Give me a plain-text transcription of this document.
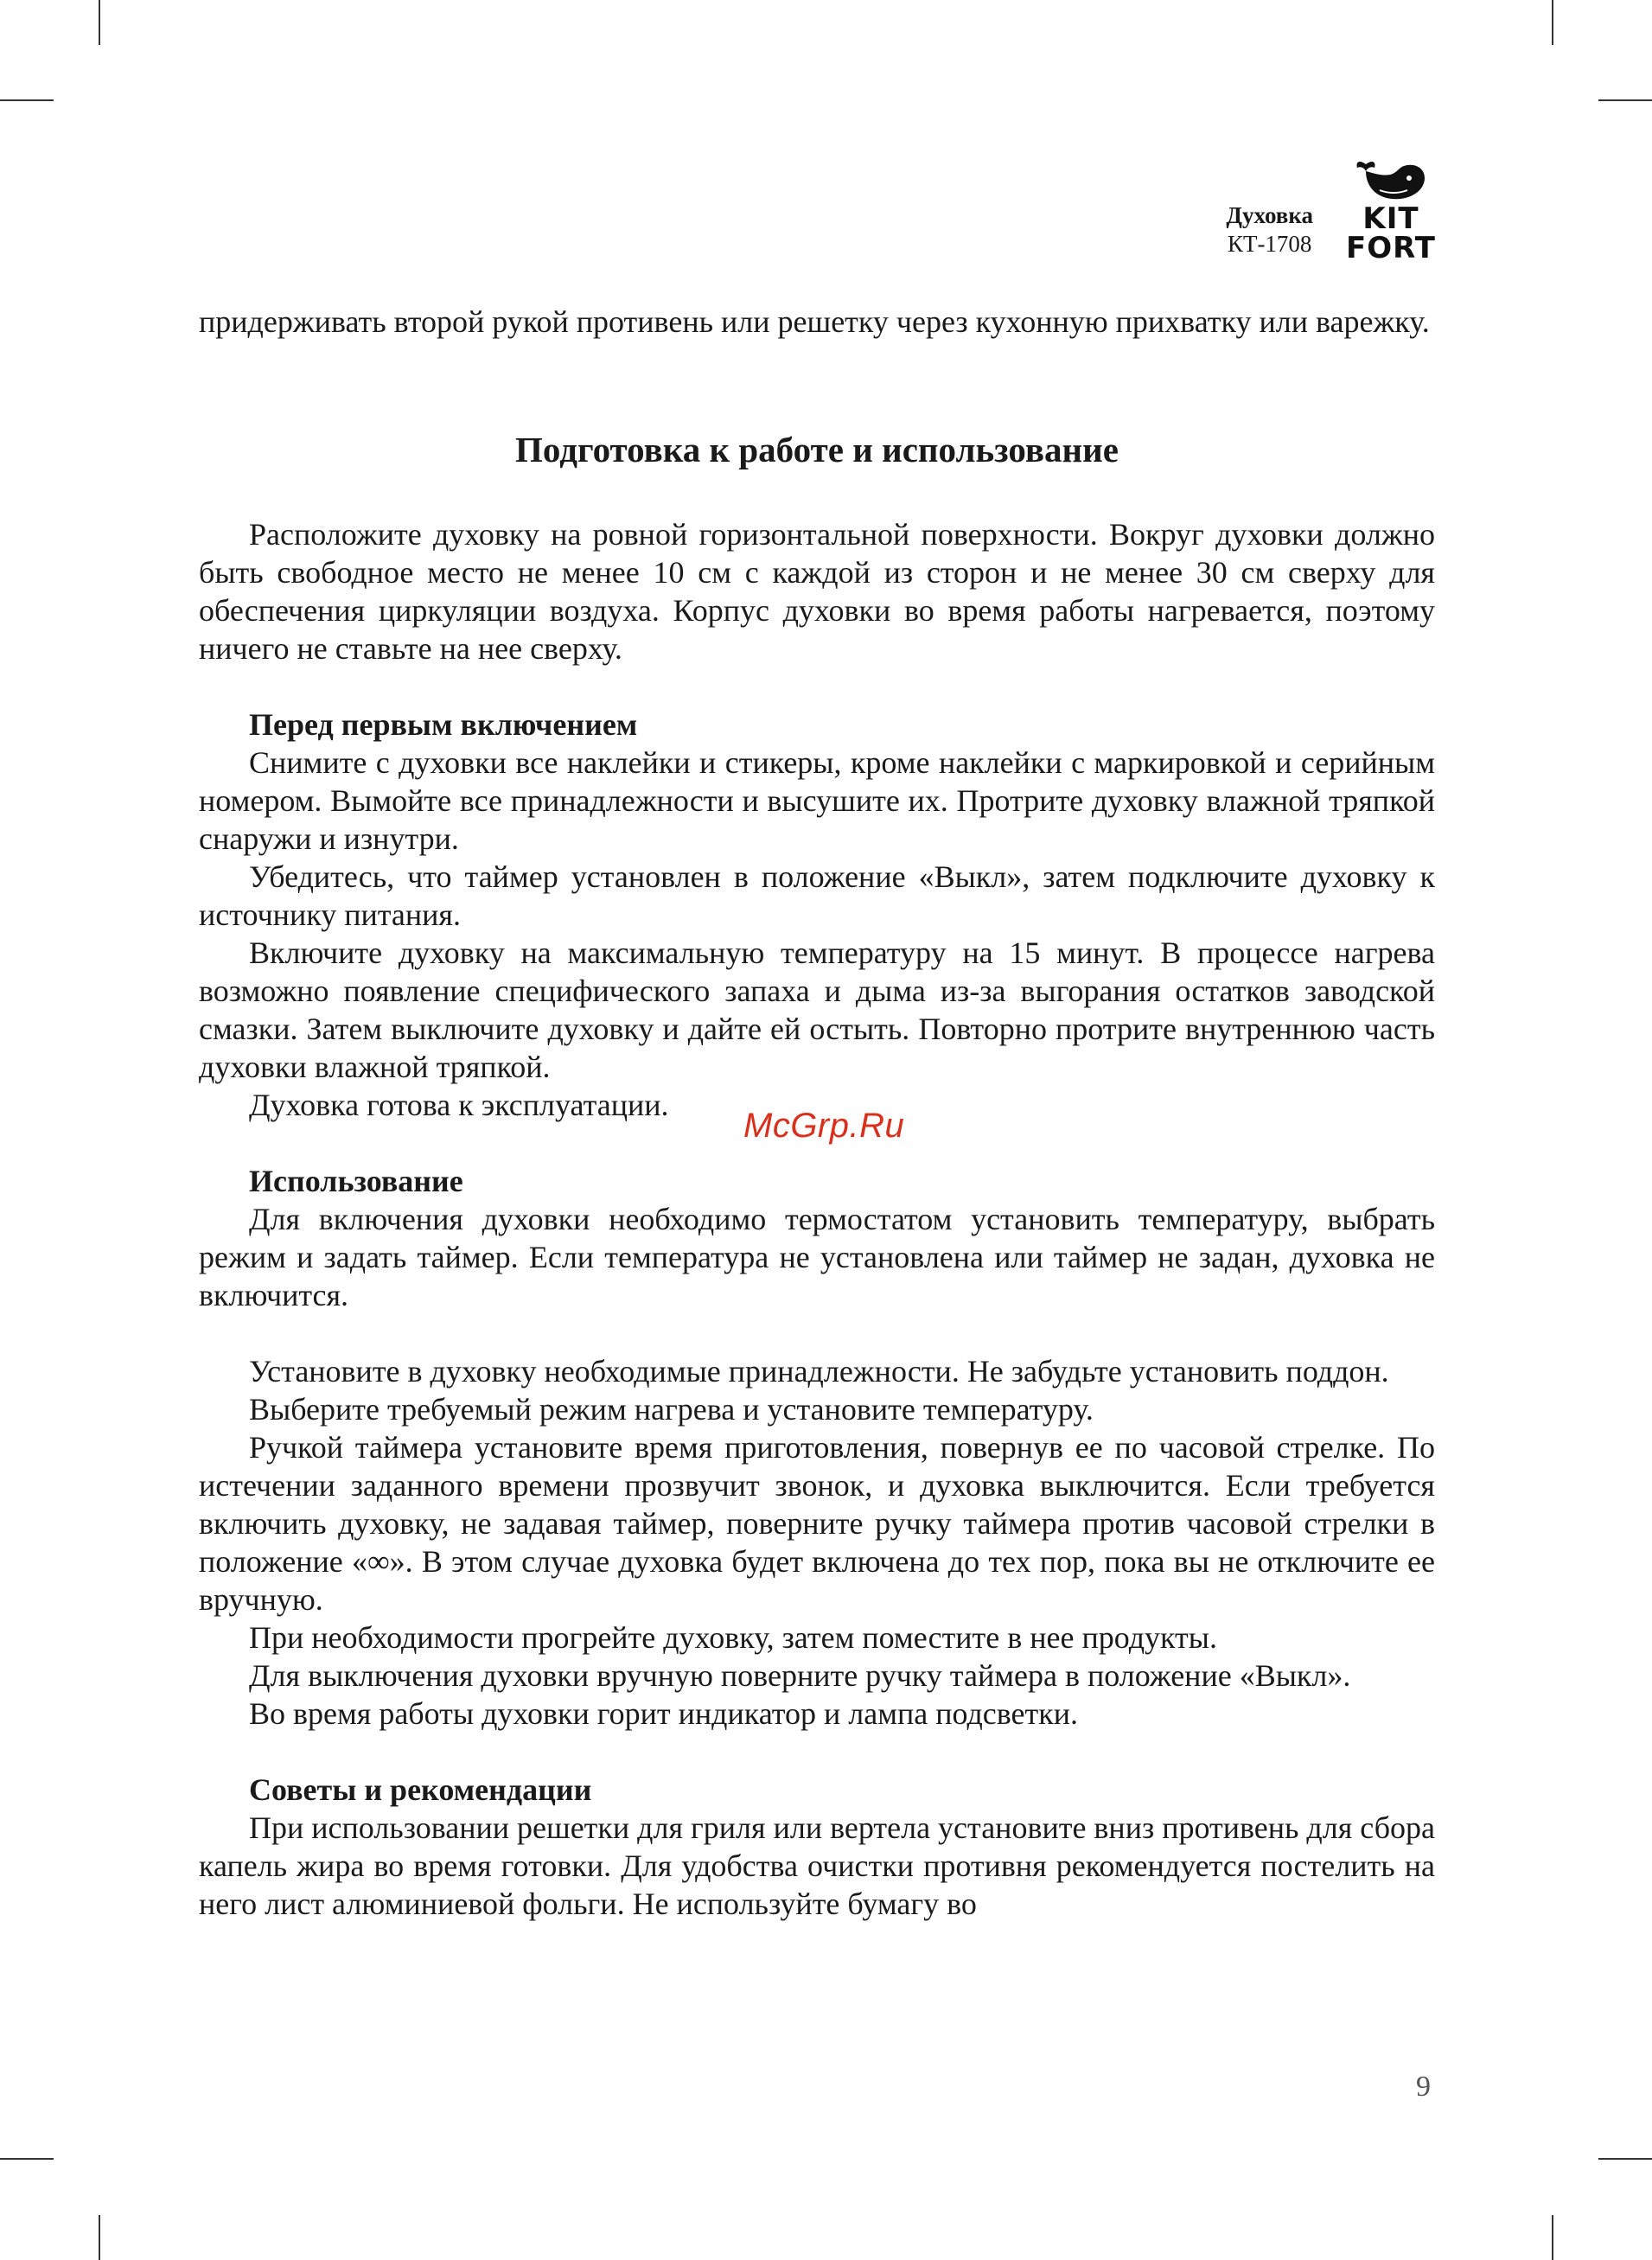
Духовка
КТ-1708
KIT
FORT

придерживать второй рукой противень или решетку через кухонную прихватку или варежку.

Подготовка к работе и использование

Расположите духовку на ровной горизонтальной поверхности. Вокруг духовки должно быть свободное место не менее 10 см с каждой из сторон и не менее 30 см сверху для обеспечения циркуляции воздуха. Корпус духовки во время работы нагревается, поэтому ничего не ставьте на нее сверху.

Перед первым включением

Снимите с духовки все наклейки и стикеры, кроме наклейки с маркировкой и серийным номером. Вымойте все принадлежности и высушите их. Протрите духовку влажной тряпкой снаружи и изнутри.

Убедитесь, что таймер установлен в положение «Выкл», затем подключите духовку к источнику питания.

Включите духовку на максимальную температуру на 15 минут. В процессе нагрева возможно появление специфического запаха и дыма из-за выгорания остатков заводской смазки. Затем выключите духовку и дайте ей остыть. Повторно протрите внутреннюю часть духовки влажной тряпкой.

Духовка готова к эксплуатации.

Использование

Для включения духовки необходимо термостатом установить температуру, выбрать режим и задать таймер. Если температура не установлена или таймер не задан, духовка не включится.

Установите в духовку необходимые принадлежности. Не забудьте установить поддон.

Выберите требуемый режим нагрева и установите температуру.

Ручкой таймера установите время приготовления, повернув ее по часовой стрелке. По истечении заданного времени прозвучит звонок, и духовка выключится. Если требуется включить духовку, не задавая таймер, поверните ручку таймера против часовой стрелки в положение «∞». В этом случае духовка будет включена до тех пор, пока вы не отключите ее вручную.

При необходимости прогрейте духовку, затем поместите в нее продукты.

Для выключения духовки вручную поверните ручку таймера в положение «Выкл».

Во время работы духовки горит индикатор и лампа подсветки.

Советы и рекомендации

При использовании решетки для гриля или вертела установите вниз противень для сбора капель жира во время готовки. Для удобства очистки противня рекомендуется постелить на него лист алюминиевой фольги. Не используйте бумагу во

McGrp.Ru
9
